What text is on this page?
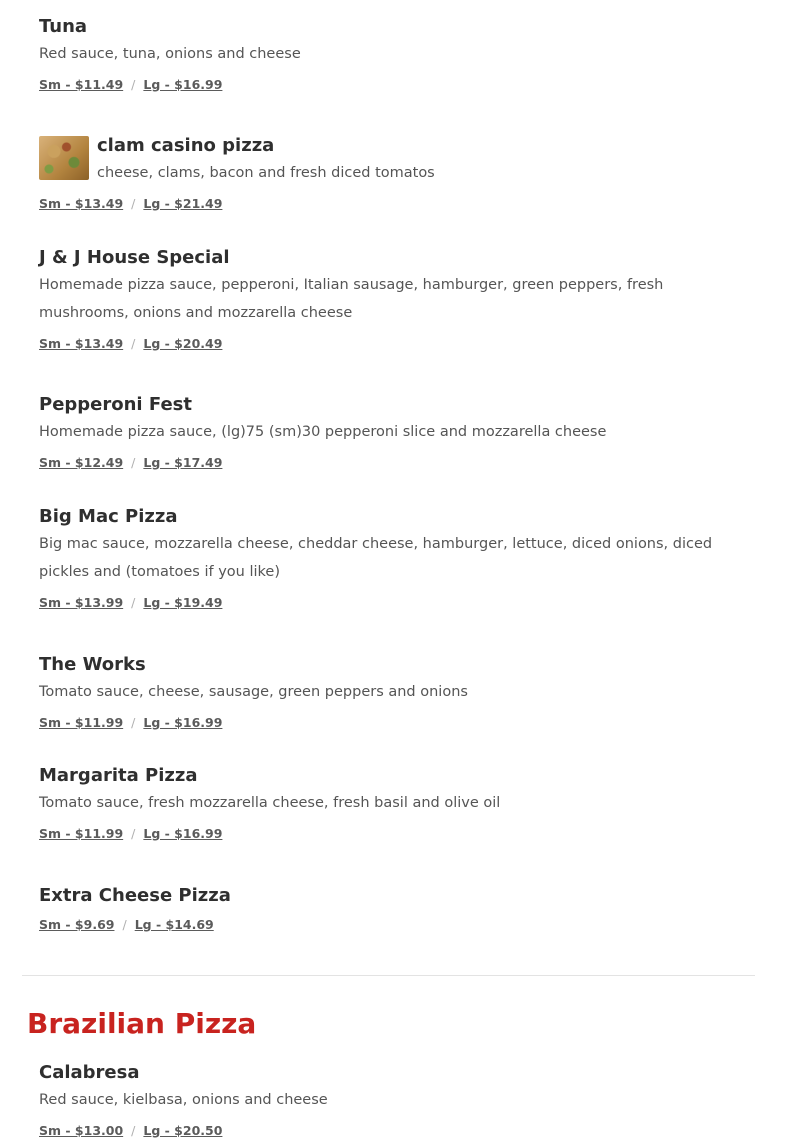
Tuna
Red sauce, tuna, onions and cheese
Sm - $11.49 / Lg - $16.99
clam casino pizza
cheese, clams, bacon and fresh diced tomatos
Sm - $13.49 / Lg - $21.49
J & J House Special
Homemade pizza sauce, pepperoni, Italian sausage, hamburger, green peppers, fresh mushrooms, onions and mozzarella cheese
Sm - $13.49 / Lg - $20.49
Pepperoni Fest
Homemade pizza sauce, (lg)75 (sm)30 pepperoni slice and mozzarella cheese
Sm - $12.49 / Lg - $17.49
Big Mac Pizza
Big mac sauce, mozzarella cheese, cheddar cheese, hamburger, lettuce, diced onions, diced pickles and (tomatoes if you like)
Sm - $13.99 / Lg - $19.49
The Works
Tomato sauce, cheese, sausage, green peppers and onions
Sm - $11.99 / Lg - $16.99
Margarita Pizza
Tomato sauce, fresh mozzarella cheese, fresh basil and olive oil
Sm - $11.99 / Lg - $16.99
Extra Cheese Pizza
Sm - $9.69 / Lg - $14.69
Brazilian Pizza
Calabresa
Red sauce, kielbasa, onions and cheese
Sm - $13.00 / Lg - $20.50
